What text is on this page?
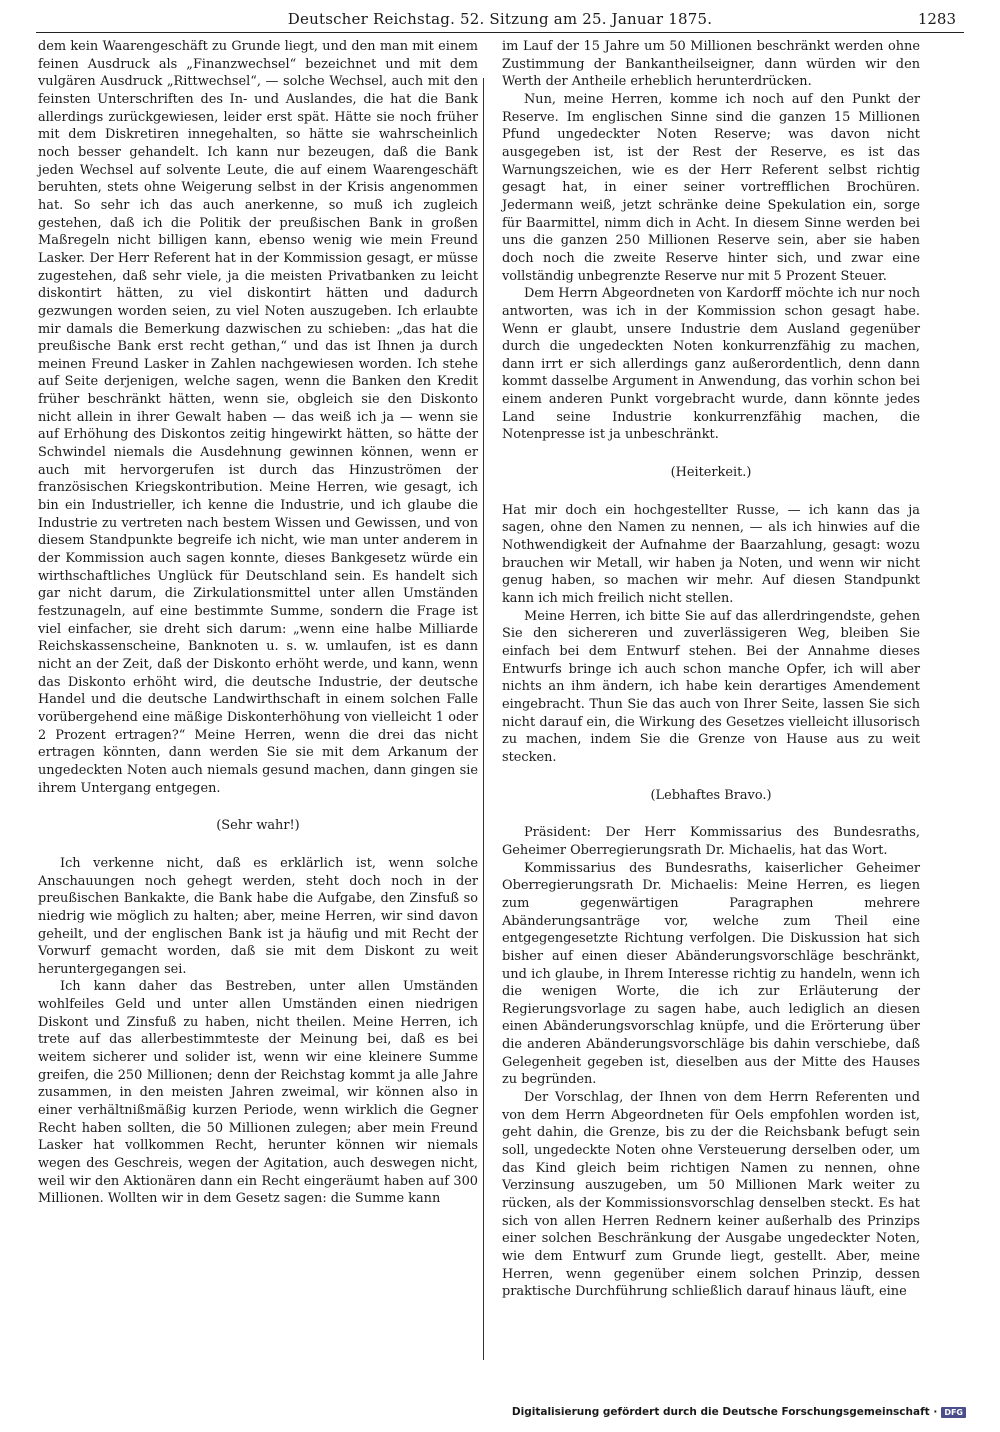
Deutscher Reichstag. 52. Sitzung am 25. Januar 1875.	1283

dem kein Waarengeschäft zu Grunde liegt, und den man mit einem feinen Ausdruck als „Finanzwechsel“ bezeichnet und mit dem vulgären Ausdruck „Rittwechsel“, — solche Wechsel, auch mit den feinsten Unterschriften des In- und Auslandes, die hat die Bank allerdings zurückgewiesen, leider erst spät. Hätte sie noch früher mit dem Diskretiren innegehalten, so hätte sie wahrscheinlich noch besser gehandelt. Ich kann nur bezeugen, daß die Bank jeden Wechsel auf solvente Leute, die auf einem Waarengeschäft beruhten, stets ohne Weigerung selbst in der Krisis angenommen hat. So sehr ich das auch anerkenne, so muß ich zugleich gestehen, daß ich die Politik der preußischen Bank in großen Maßregeln nicht billigen kann, ebenso wenig wie mein Freund Lasker. Der Herr Referent hat in der Kommission gesagt, er müsse zugestehen, daß sehr viele, ja die meisten Privatbanken zu leicht diskontirt hätten, zu viel diskontirt hätten und dadurch gezwungen worden seien, zu viel Noten auszugeben. Ich erlaubte mir damals die Bemerkung dazwischen zu schieben: „das hat die preußische Bank erst recht gethan,“ und das ist Ihnen ja durch meinen Freund Lasker in Zahlen nachgewiesen worden. Ich stehe auf Seite derjenigen, welche sagen, wenn die Banken den Kredit früher beschränkt hätten, wenn sie, obgleich sie den Diskonto nicht allein in ihrer Gewalt haben — das weiß ich ja — wenn sie auf Erhöhung des Diskontos zeitig hingewirkt hätten, so hätte der Schwindel niemals die Ausdehnung gewinnen können, wenn er auch mit hervorgerufen ist durch das Hinzuströmen der französischen Kriegskontribution. Meine Herren, wie gesagt, ich bin ein Industrieller, ich kenne die Industrie, und ich glaube die Industrie zu vertreten nach bestem Wissen und Gewissen, und von diesem Standpunkte begreife ich nicht, wie man unter anderem in der Kommission auch sagen konnte, dieses Bankgesetz würde ein wirthschaftliches Unglück für Deutschland sein. Es handelt sich gar nicht darum, die Zirkulationsmittel unter allen Umständen festzunageln, auf eine bestimmte Summe, sondern die Frage ist viel einfacher, sie dreht sich darum: „wenn eine halbe Milliarde Reichskassenscheine, Banknoten u. s. w. umlaufen, ist es dann nicht an der Zeit, daß der Diskonto erhöht werde, und kann, wenn das Diskonto erhöht wird, die deutsche Industrie, der deutsche Handel und die deutsche Landwirthschaft in einem solchen Falle vorübergehend eine mäßige Diskonterhöhung von vielleicht 1 oder 2 Prozent ertragen?“ Meine Herren, wenn die drei das nicht ertragen könnten, dann werden Sie sie mit dem Arkanum der ungedeckten Noten auch niemals gesund machen, dann gingen sie ihrem Untergang entgegen.

(Sehr wahr!)

Ich verkenne nicht, daß es erklärlich ist, wenn solche Anschauungen noch gehegt werden, steht doch noch in der preußischen Bankakte, die Bank habe die Aufgabe, den Zinsfuß so niedrig wie möglich zu halten; aber, meine Herren, wir sind davon geheilt, und der englischen Bank ist ja häufig und mit Recht der Vorwurf gemacht worden, daß sie mit dem Diskont zu weit heruntergegangen sei.

Ich kann daher das Bestreben, unter allen Umständen wohlfeiles Geld und unter allen Umständen einen niedrigen Diskont und Zinsfuß zu haben, nicht theilen. Meine Herren, ich trete auf das allerbestimmteste der Meinung bei, daß es bei weitem sicherer und solider ist, wenn wir eine kleinere Summe greifen, die 250 Millionen; denn der Reichstag kommt ja alle Jahre zusammen, in den meisten Jahren zweimal, wir können also in einer verhältnißmäßig kurzen Periode, wenn wirklich die Gegner Recht haben sollten, die 50 Millionen zulegen; aber mein Freund Lasker hat vollkommen Recht, herunter können wir niemals wegen des Geschreis, wegen der Agitation, auch deswegen nicht, weil wir den Aktionären dann ein Recht eingeräumt haben auf 300 Millionen. Wollten wir in dem Gesetz sagen: die Summe kann

im Lauf der 15 Jahre um 50 Millionen beschränkt werden ohne Zustimmung der Bankantheilseigner, dann würden wir den Werth der Antheile erheblich herunterdrücken.

Nun, meine Herren, komme ich noch auf den Punkt der Reserve. Im englischen Sinne sind die ganzen 15 Millionen Pfund ungedeckter Noten Reserve; was davon nicht ausgegeben ist, ist der Rest der Reserve, es ist das Warnungszeichen, wie es der Herr Referent selbst richtig gesagt hat, in einer seiner vortrefflichen Brochüren. Jedermann weiß, jetzt schränke deine Spekulation ein, sorge für Baarmittel, nimm dich in Acht. In diesem Sinne werden bei uns die ganzen 250 Millionen Reserve sein, aber sie haben doch noch die zweite Reserve hinter sich, und zwar eine vollständig unbegrenzte Reserve nur mit 5 Prozent Steuer.

Dem Herrn Abgeordneten von Kardorff möchte ich nur noch antworten, was ich in der Kommission schon gesagt habe. Wenn er glaubt, unsere Industrie dem Ausland gegenüber durch die ungedeckten Noten konkurrenzfähig zu machen, dann irrt er sich allerdings ganz außerordentlich, denn dann kommt dasselbe Argument in Anwendung, das vorhin schon bei einem anderen Punkt vorgebracht wurde, dann könnte jedes Land seine Industrie konkurrenzfähig machen, die Notenpresse ist ja unbeschränkt.

(Heiterkeit.)

Hat mir doch ein hochgestellter Russe, — ich kann das ja sagen, ohne den Namen zu nennen, — als ich hinwies auf die Nothwendigkeit der Aufnahme der Baarzahlung, gesagt: wozu brauchen wir Metall, wir haben ja Noten, und wenn wir nicht genug haben, so machen wir mehr. Auf diesen Standpunkt kann ich mich freilich nicht stellen.

Meine Herren, ich bitte Sie auf das allerdringendste, gehen Sie den sichereren und zuverlässigeren Weg, bleiben Sie einfach bei dem Entwurf stehen. Bei der Annahme dieses Entwurfs bringe ich auch schon manche Opfer, ich will aber nichts an ihm ändern, ich habe kein derartiges Amendement eingebracht. Thun Sie das auch von Ihrer Seite, lassen Sie sich nicht darauf ein, die Wirkung des Gesetzes vielleicht illusorisch zu machen, indem Sie die Grenze von Hause aus zu weit stecken.

(Lebhaftes Bravo.)

Präsident: Der Herr Kommissarius des Bundesraths, Geheimer Oberregierungsrath Dr. Michaelis, hat das Wort.

Kommissarius des Bundesraths, kaiserlicher Geheimer Oberregierungsrath Dr. Michaelis: Meine Herren, es liegen zum gegenwärtigen Paragraphen mehrere Abänderungsanträge vor, welche zum Theil eine entgegengesetzte Richtung verfolgen. Die Diskussion hat sich bisher auf einen dieser Abänderungsvorschläge beschränkt, und ich glaube, in Ihrem Interesse richtig zu handeln, wenn ich die wenigen Worte, die ich zur Erläuterung der Regierungsvorlage zu sagen habe, auch lediglich an diesen einen Abänderungsvorschlag knüpfe, und die Erörterung über die anderen Abänderungsvorschläge bis dahin verschiebe, daß Gelegenheit gegeben ist, dieselben aus der Mitte des Hauses zu begründen.

Der Vorschlag, der Ihnen von dem Herrn Referenten und von dem Herrn Abgeordneten für Oels empfohlen worden ist, geht dahin, die Grenze, bis zu der die Reichsbank befugt sein soll, ungedeckte Noten ohne Versteuerung derselben oder, um das Kind gleich beim richtigen Namen zu nennen, ohne Verzinsung auszugeben, um 50 Millionen Mark weiter zu rücken, als der Kommissionsvorschlag denselben steckt. Es hat sich von allen Herren Rednern keiner außerhalb des Prinzips einer solchen Beschränkung der Ausgabe ungedeckter Noten, wie dem Entwurf zum Grunde liegt, gestellt. Aber, meine Herren, wenn gegenüber einem solchen Prinzip, dessen praktische Durchführung schließlich darauf hinaus läuft, eine

Digitalisierung gefördert durch die Deutsche Forschungsgemeinschaft · DFG
